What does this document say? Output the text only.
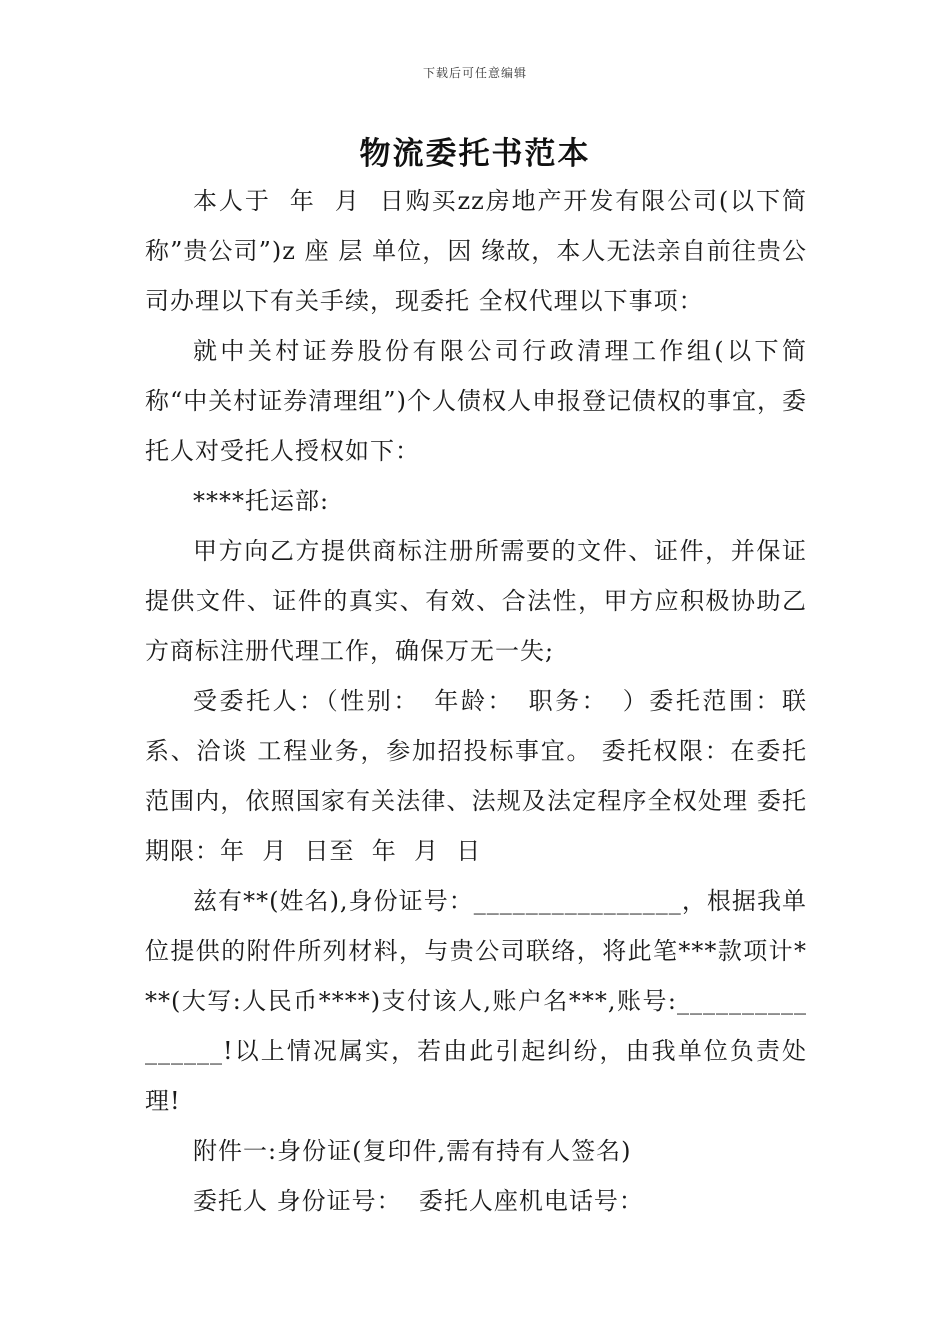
下载后可任意编辑
物流委托书范本

本人于  年  月  日购买zz房地产开发有限公司(以下简称”贵公司”)z 座 层 单位，因 缘故，本人无法亲自前往贵公司办理以下有关手续，现委托 全权代理以下事项：

就中关村证券股份有限公司行政清理工作组(以下简称“中关村证券清理组”)个人债权人申报登记债权的事宜，委托人对受托人授权如下：

****托运部:

甲方向乙方提供商标注册所需要的文件、证件，并保证提供文件、证件的真实、有效、合法性，甲方应积极协助乙方商标注册代理工作，确保万无一失;

受委托人：（性别：　年龄：　职务：　）委托范围：联系、洽谈 工程业务，参加招投标事宜。 委托权限：在委托范围内，依照国家有关法律、法规及法定程序全权处理 委托期限：年  月  日至  年  月  日

兹有**(姓名),身份证号：________________，根据我单位提供的附件所列材料，与贵公司联络，将此笔***款项计***(大写:人民币****)支付该人,账户名***,账号:________________!以上情况属实，若由此引起纠纷，由我单位负责处理!

附件一:身份证(复印件,需有持有人签名)

委托人 身份证号：  委托人座机电话号：
